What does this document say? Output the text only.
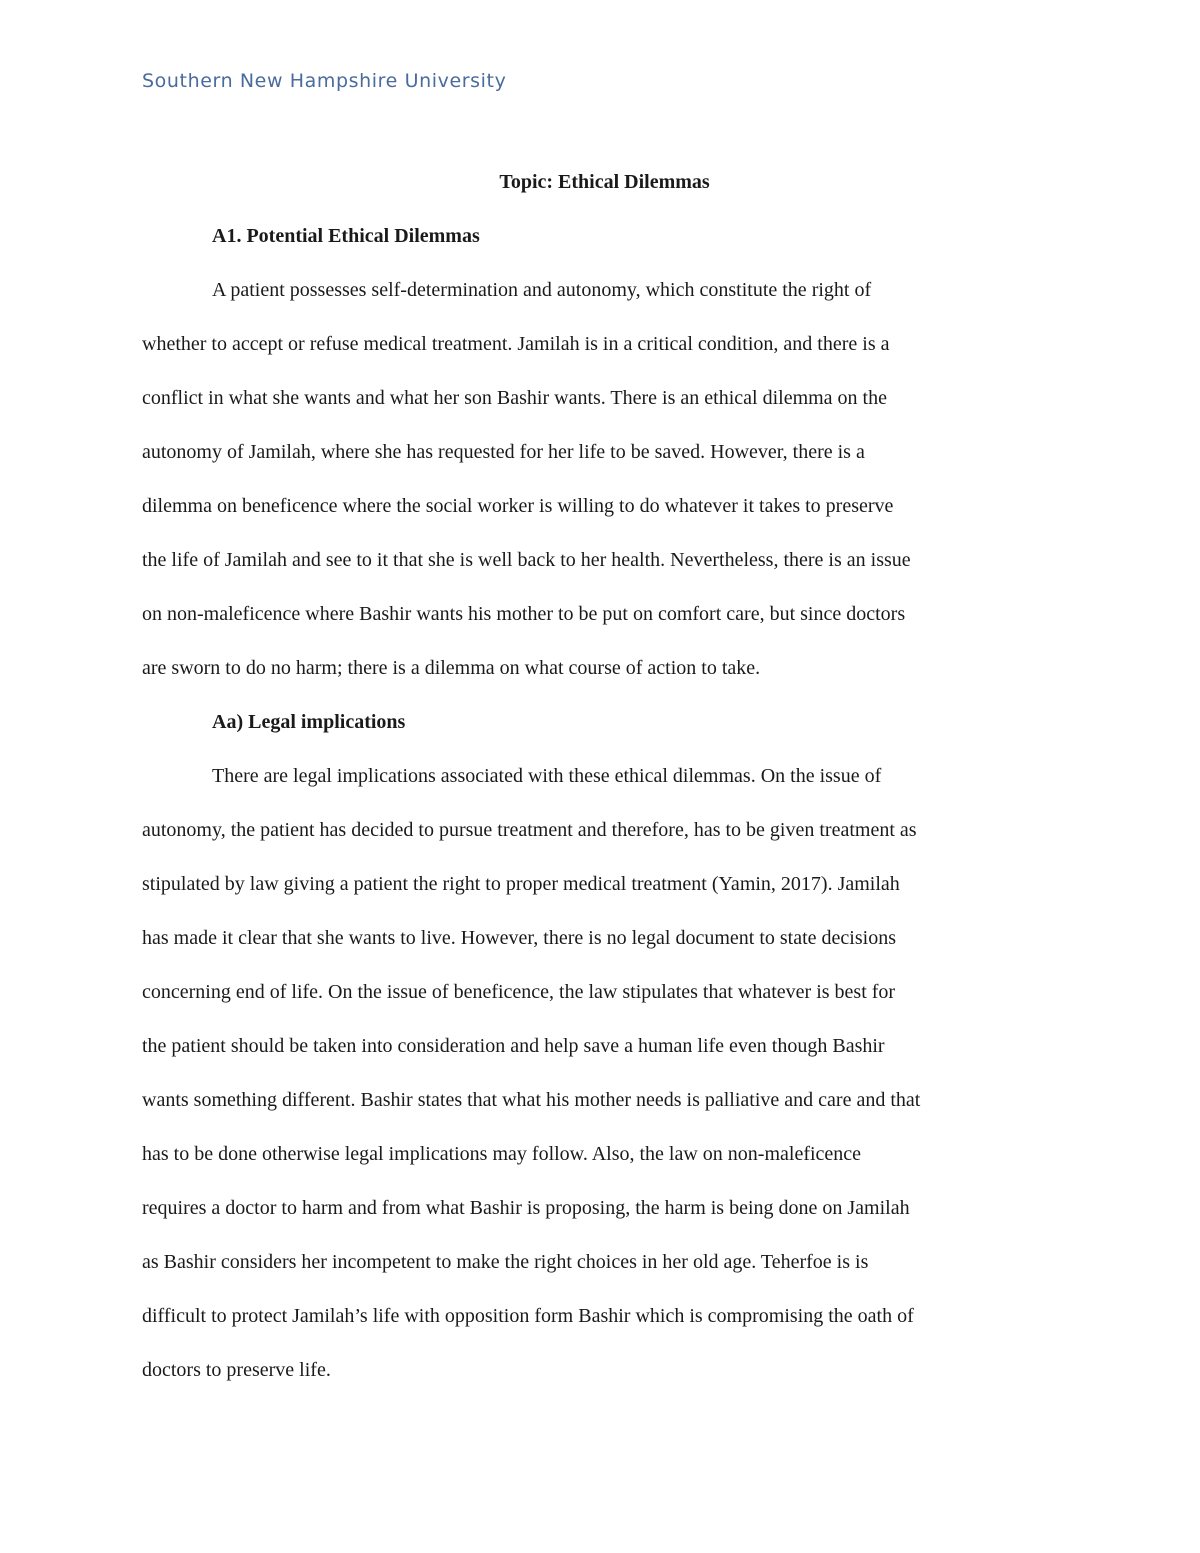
Southern New Hampshire University
Topic: Ethical Dilemmas
A1. Potential Ethical Dilemmas
A patient possesses self-determination and autonomy, which constitute the right of
whether to accept or refuse medical treatment. Jamilah is in a critical condition, and there is a
conflict in what she wants and what her son Bashir wants. There is an ethical dilemma on the
autonomy of Jamilah, where she has requested for her life to be saved. However, there is a
dilemma on beneficence where the social worker is willing to do whatever it takes to preserve
the life of Jamilah and see to it that she is well back to her health. Nevertheless, there is an issue
on non-maleficence where Bashir wants his mother to be put on comfort care, but since doctors
are sworn to do no harm; there is a dilemma on what course of action to take.
Aa) Legal implications
There are legal implications associated with these ethical dilemmas. On the issue of
autonomy, the patient has decided to pursue treatment and therefore, has to be given treatment as
stipulated by law giving a patient the right to proper medical treatment (Yamin, 2017). Jamilah
has made it clear that she wants to live. However, there is no legal document to state decisions
concerning end of life. On the issue of beneficence, the law stipulates that whatever is best for
the patient should be taken into consideration and help save a human life even though Bashir
wants something different. Bashir states that what his mother needs is palliative and care and that
has to be done otherwise legal implications may follow. Also, the law on non-maleficence
requires a doctor to harm and from what Bashir is proposing, the harm is being done on Jamilah
as Bashir considers her incompetent to make the right choices in her old age. Teherfoe is is
difficult to protect Jamilah’s life with opposition form Bashir which is compromising the oath of
doctors to preserve life.
